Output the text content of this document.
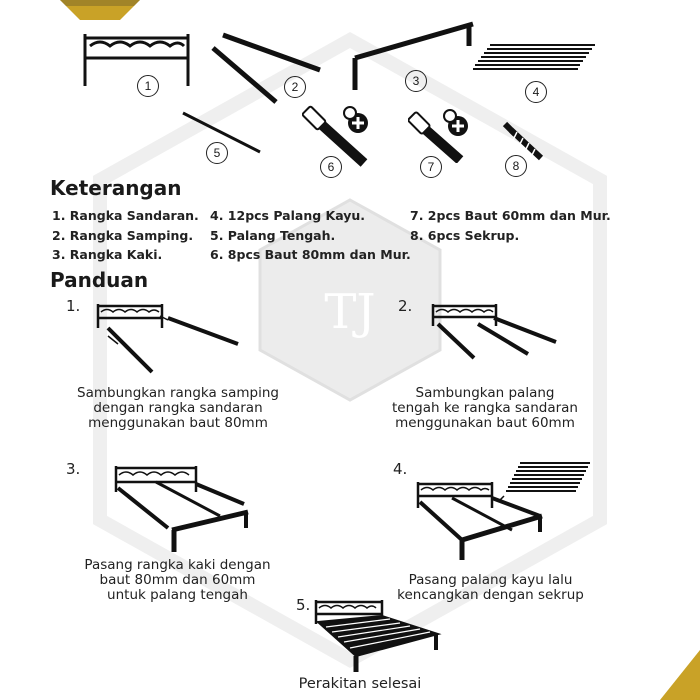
TJ
1	2	3
4
5
6	7	8
Keterangan
1. Rangka Sandaran.
2. Rangka Samping.
3. Rangka Kaki.
4. 12pcs Palang Kayu.
5. Palang Tengah.
6. 8pcs Baut 80mm dan Mur.
7. 2pcs Baut 60mm dan Mur.
8. 6pcs Sekrup.
Panduan
1.
Sambungkan rangka samping
dengan rangka sandaran
menggunakan baut 80mm
2.
Sambungkan palang
tengah ke rangka sandaran
menggunakan baut 60mm
3.
Pasang rangka kaki dengan
baut 80mm dan 60mm
untuk palang tengah
4.
Pasang palang kayu lalu
kencangkan dengan sekrup
5.
Perakitan selesai
